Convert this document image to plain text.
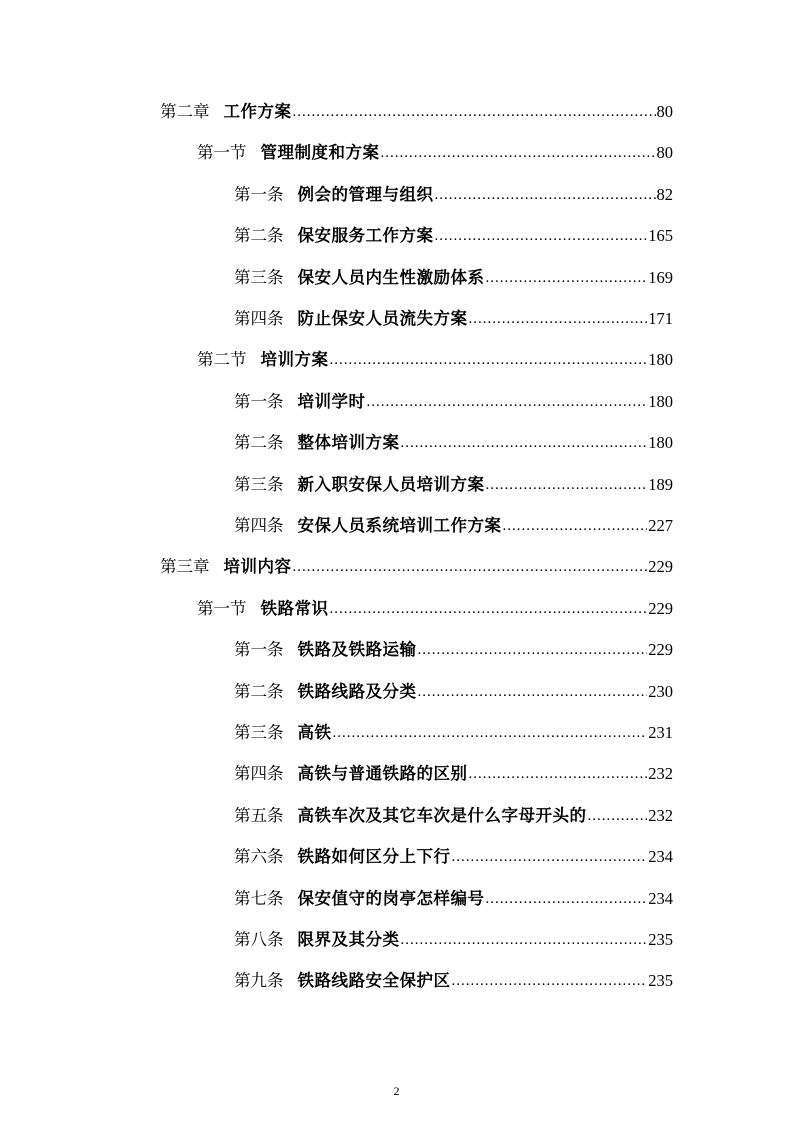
第二章 工作方案 .....	80
第一节 管理制度和方案 .....	80
第一条 例会的管理与组织 .....	82
第二条 保安服务工作方案 .....	165
第三条 保安人员内生性激励体系 .....	169
第四条 防止保安人员流失方案 .....	171
第二节 培训方案 .....	180
第一条 培训学时 .....	180
第二条 整体培训方案 .....	180
第三条 新入职安保人员培训方案 .....	189
第四条 安保人员系统培训工作方案 .....	227
第三章 培训内容 .....	229
第一节 铁路常识 .....	229
第一条 铁路及铁路运输 .....	229
第二条 铁路线路及分类 .....	230
第三条 高铁 .....	231
第四条 高铁与普通铁路的区别 .....	232
第五条 高铁车次及其它车次是什么字母开头的 .....	232
第六条 铁路如何区分上下行 .....	234
第七条 保安值守的岗亭怎样编号 .....	234
第八条 限界及其分类 .....	235
第九条 铁路线路安全保护区 .....	235
2
